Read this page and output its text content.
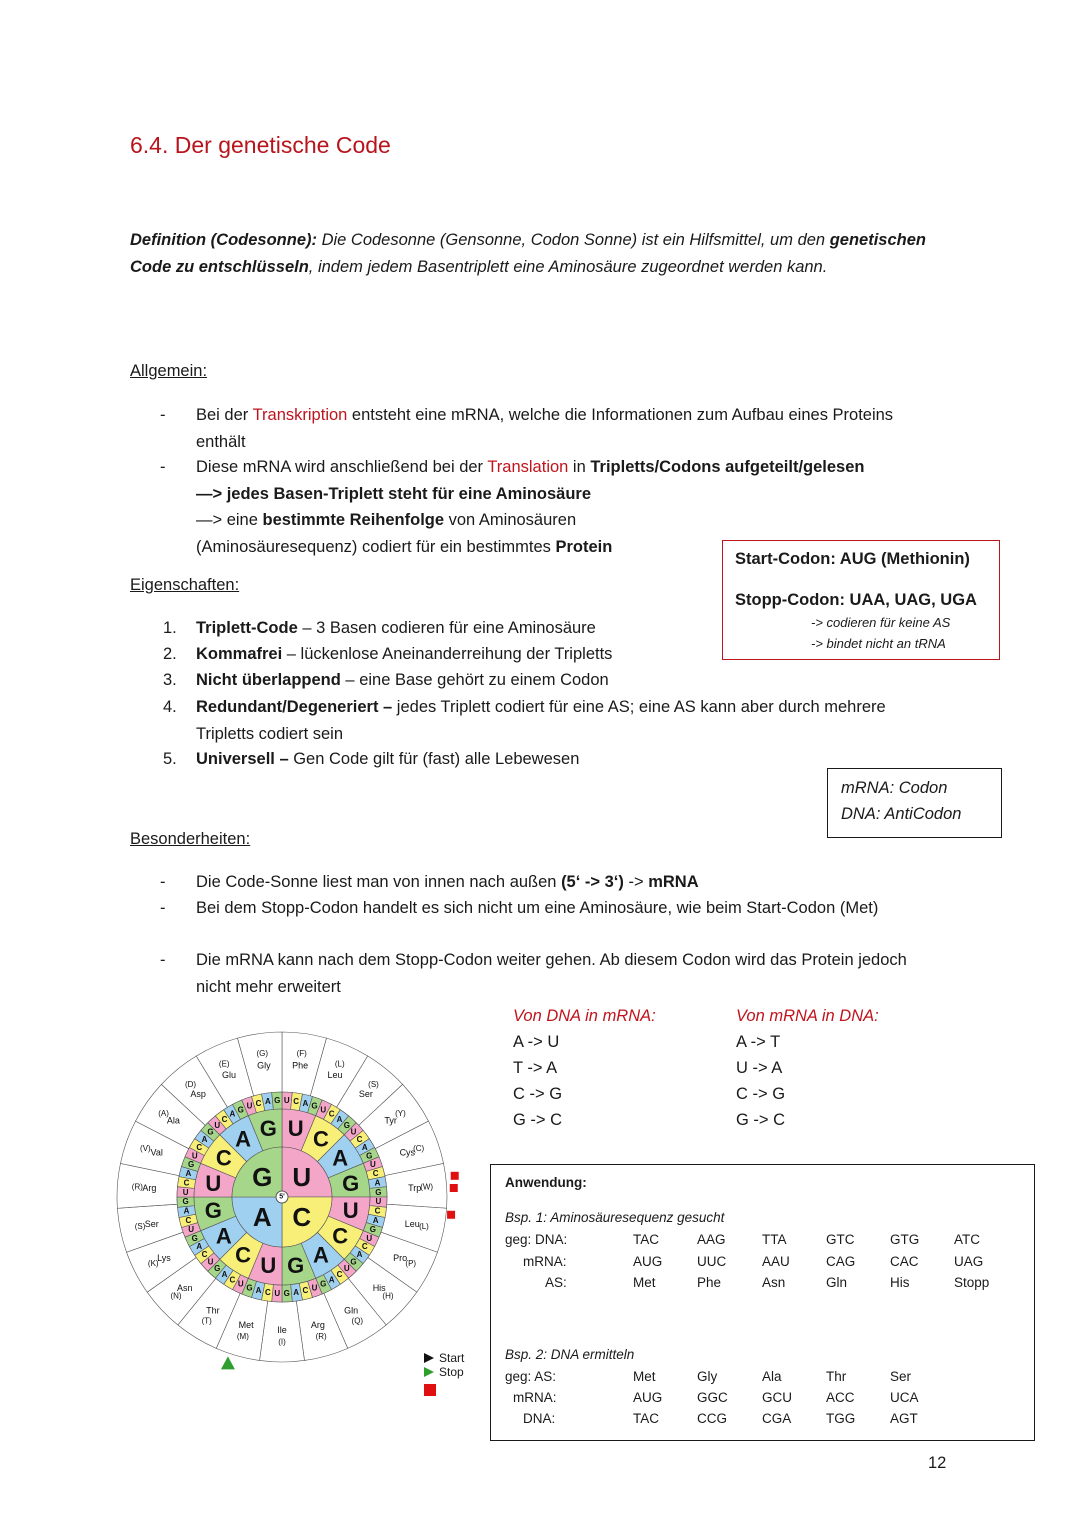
6.4. Der genetische Code
Definition (Codesonne): Die Codesonne (Gensonne, Codon Sonne) ist ein Hilfsmittel, um den genetischen Code zu entschlüsseln, indem jedem Basentriplett eine Aminosäure zugeordnet werden kann.
Allgemein:
- Bei der Transkription entsteht eine mRNA, welche die Informationen zum Aufbau eines Proteins enthält
- Diese mRNA wird anschließend bei der Translation in Tripletts/Codons aufgeteilt/gelesen
—> jedes Basen-Triplett steht für eine Aminosäure
—> eine bestimmte Reihenfolge von Aminosäuren (Aminosäuresequenz) codiert für ein bestimmtes Protein
Start-Codon: AUG (Methionin)
Stopp-Codon: UAA, UAG, UGA
-> codieren für keine AS
-> bindet nicht an tRNA
Eigenschaften:
1. Triplett-Code – 3 Basen codieren für eine Aminosäure
2. Kommafrei – lückenlose Aneinanderreihung der Tripletts
3. Nicht überlappend – eine Base gehört zu einem Codon
4. Redundant/Degeneriert – jedes Triplett codiert für eine AS; eine AS kann aber durch mehrere Tripletts codiert sein
5. Universell – Gen Code gilt für (fast) alle Lebewesen
mRNA: Codon
DNA: AntiCodon
Besonderheiten:
- Die Code-Sonne liest man von innen nach außen (5‘ -> 3‘) -> mRNA
- Bei dem Stopp-Codon handelt es sich nicht um eine Aminosäure, wie beim Start-Codon (Met)
- Die mRNA kann nach dem Stopp-Codon weiter gehen. Ab diesem Codon wird das Protein jedoch nicht mehr erweitert
Von DNA in mRNA:
A -> U
T -> A
C -> G
G -> C
Von mRNA in DNA:
A -> T
U -> A
C -> G
G -> C
Phe
(F)
Leu
(L)
Ser
(S)
Tyr
(Y)
Cys
(C)
Trp
(W)
Leu (L)
Pro
(P)
His
(H)
Gln
(Q)
Arg
(R)
Ile
(I)
Met
(M)
Thr
(T)
Asn
(N)
Lys
(K)
Ser
(S)
Arg
(R)
Val
(V)
Ala
(A)
Asp
(D)
Glu
(E)	Gly
(G)
U C A G U C
A
G
U
C
A
G
U
C
A
G
U
C
A
G
U
C
A
G
U
C
A
G
U
C
A
G
U
C
A
G
U
C
A
G
U
C
A
G
U
C
A
G
U
C
A
G
U
C
A
G
U
C
A G U C A G
U C
A
G
U
C
A
G
U
C
A
G
U
C
A G
U
C
A
G
5'
Start
Stop
Anwendung:
Bsp. 1: Aminosäuresequenz gesucht
geg: DNA:	TAC	AAG	TTA	GTC	GTG	ATC
mRNA:	AUG	UUC	AAU	CAG	CAC	UAG
AS:	Met	Phe	Asn	Gln	His	Stopp
Bsp. 2: DNA ermitteln
geg: AS:	Met	Gly	Ala	Thr	Ser
mRNA:	AUG	GGC	GCU	ACC	UCA
DNA:	TAC	CCG	CGA	TGG	AGT
12
